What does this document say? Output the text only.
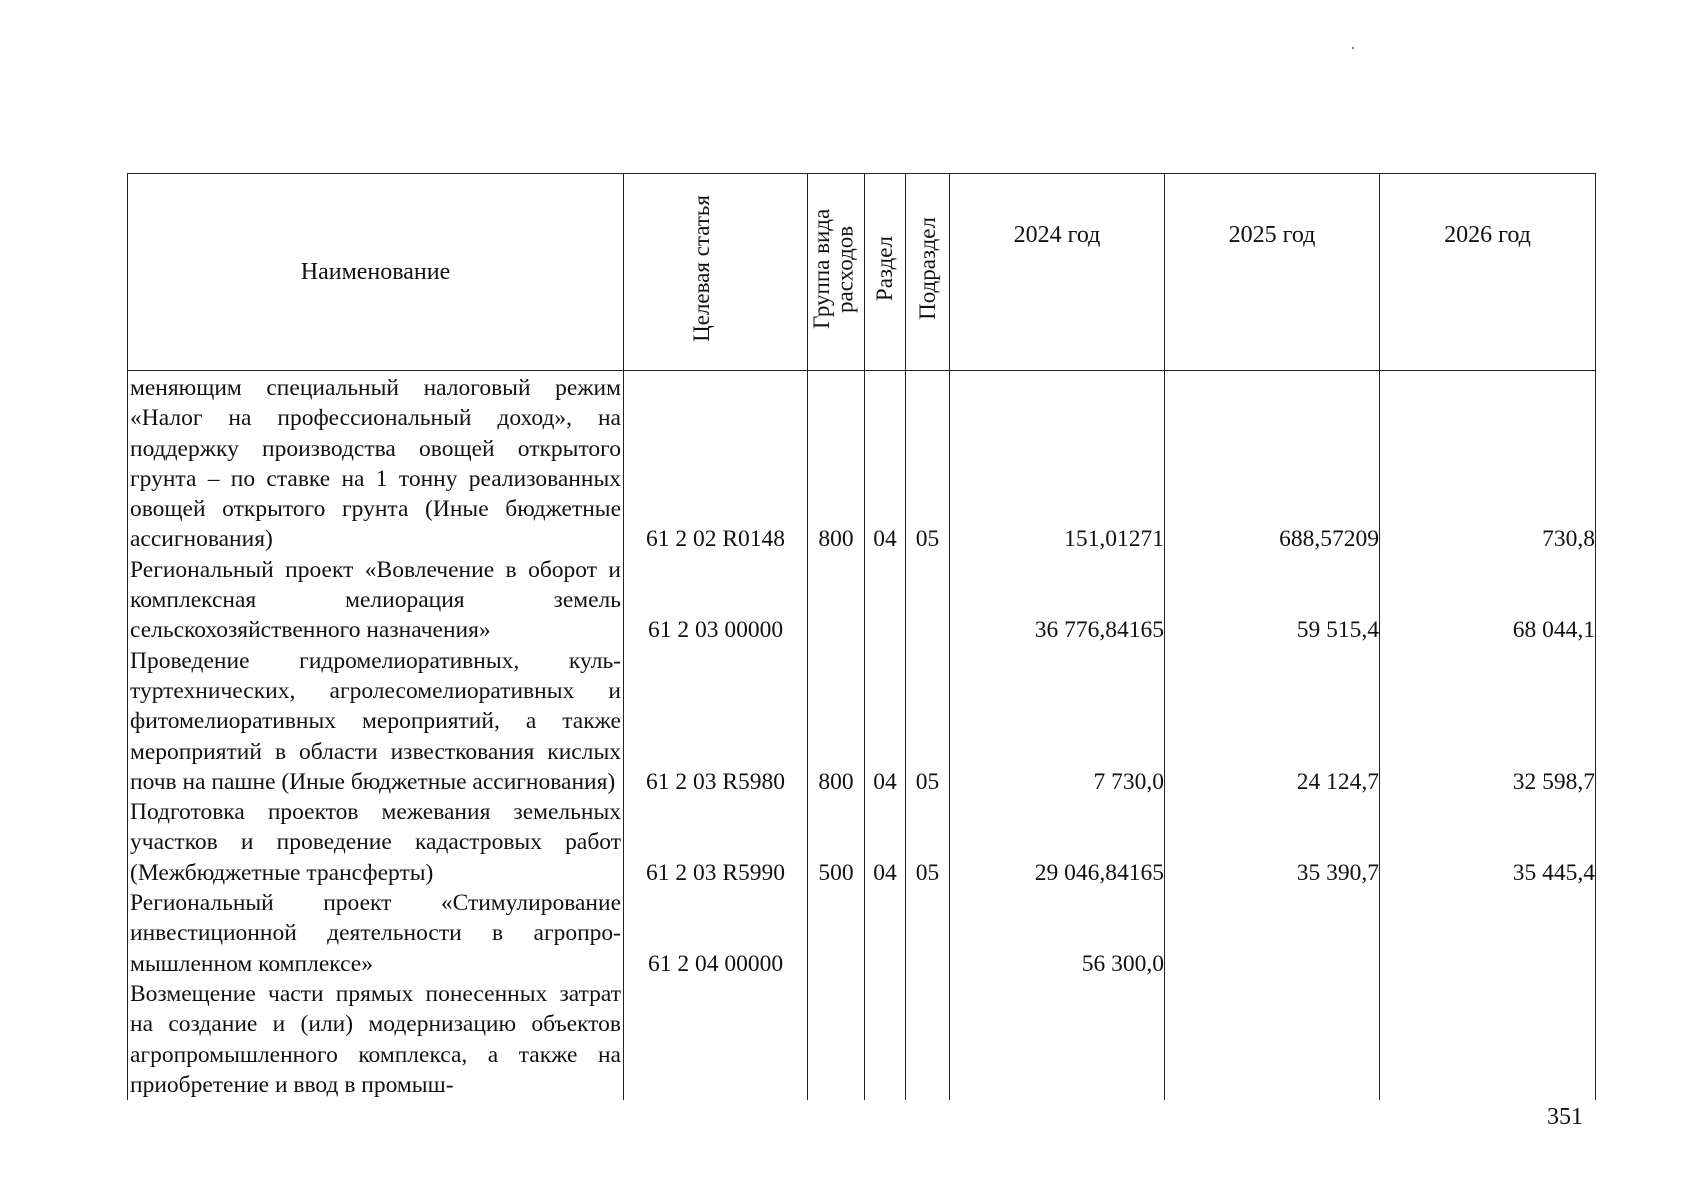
Наименование	Целевая статья	Группа вида расходов	Раздел	Подраздел	2024 год	2025 год	2026 год
меняющим специальный налоговый режим «Налог на профессиональный доход», на поддержку производства овощей открытого грунта – по ставке на 1 тонну реализованных овощей открытого грунта (Иные бюджетные ассигнования)	61 2 02 R0148	800	04	05	151,01271	688,57209	730,8
Региональный проект «Вовлечение в оборот и комплексная мелиорация земель сельскохозяйственного назначения»	61 2 03 00000				36 776,84165	59 515,4	68 044,1
Проведение гидромелиоративных, культуртехнических, агролесомелиоративных и фитомелиоративных мероприятий, а также мероприятий в области известкования кислых почв на пашне (Иные бюджетные ассигнования)	61 2 03 R5980	800	04	05	7 730,0	24 124,7	32 598,7
Подготовка проектов межевания земельных участков и проведение кадастровых работ (Межбюджетные трансферты)	61 2 03 R5990	500	04	05	29 046,84165	35 390,7	35 445,4
Региональный проект «Стимулирование инвестиционной деятельности в агропромышленном комплексе»	61 2 04 00000				56 300,0		
Возмещение части прямых понесенных затрат на создание и (или) модернизацию объектов агропромышленного комплекса, а также на приобретение и ввод в промыш-							
351
